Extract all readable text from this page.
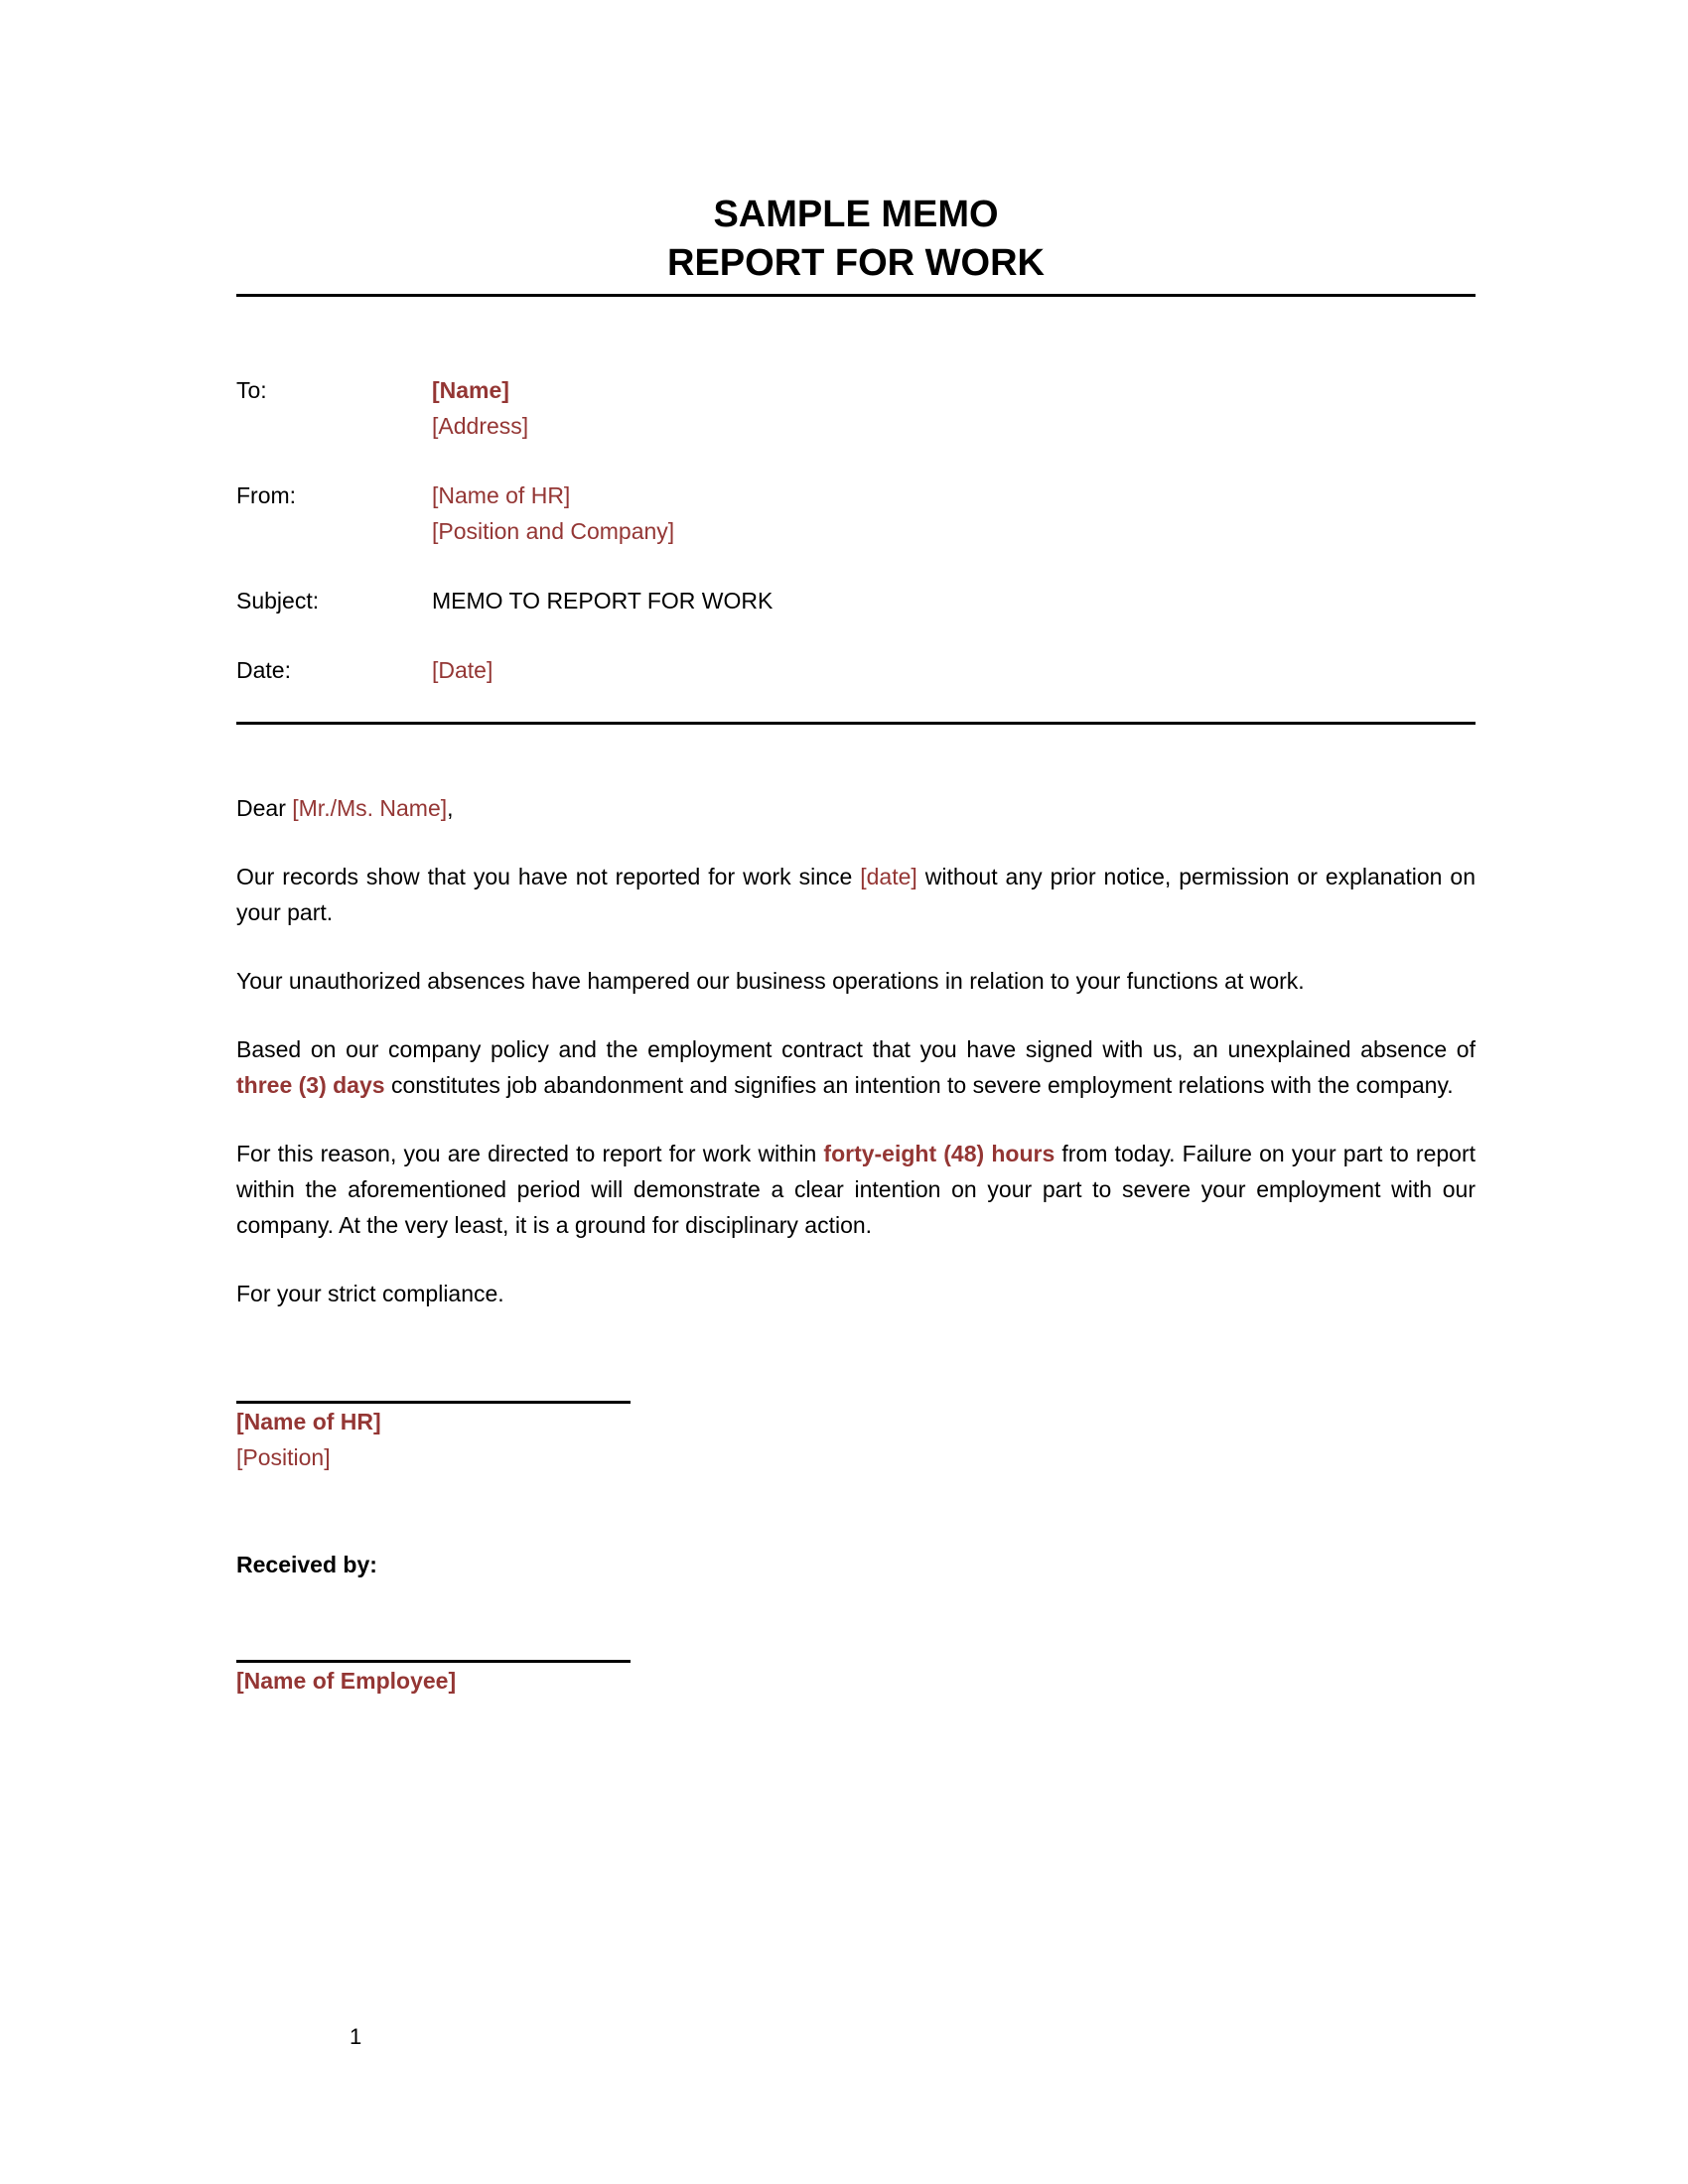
SAMPLE MEMO
REPORT FOR WORK
To:	[Name]
[Address]
From:	[Name of HR]
[Position and Company]
Subject:	MEMO TO REPORT FOR WORK
Date:	[Date]
Dear [Mr./Ms. Name],
Our records show that you have not reported for work since [date] without any prior notice, permission or explanation on your part.
Your unauthorized absences have hampered our business operations in relation to your functions at work.
Based on our company policy and the employment contract that you have signed with us, an unexplained absence of three (3) days constitutes job abandonment and signifies an intention to severe employment relations with the company.
For this reason, you are directed to report for work within forty-eight (48) hours from today. Failure on your part to report within the aforementioned period will demonstrate a clear intention on your part to severe your employment with our company. At the very least, it is a ground for disciplinary action.
For your strict compliance.
[Name of HR]
[Position]
Received by:
[Name of Employee]
1
